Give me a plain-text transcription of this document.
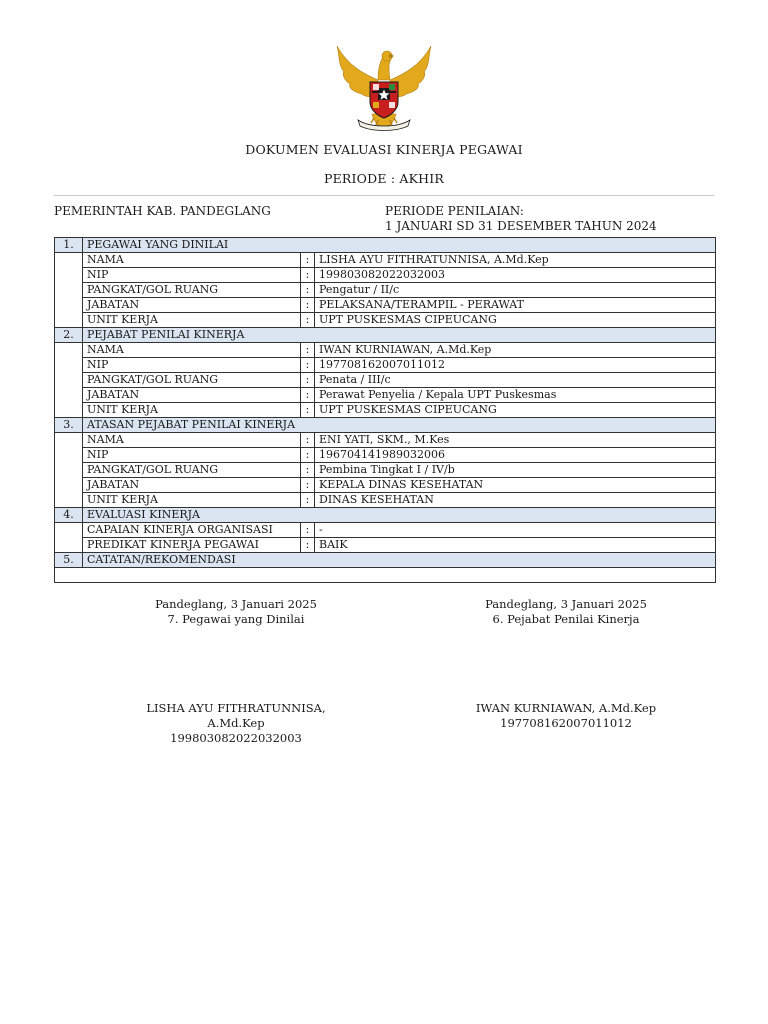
DOKUMEN EVALUASI KINERJA PEGAWAI
PERIODE : AKHIR
PEMERINTAH KAB. PANDEGLANG	PERIODE PENILAIAN:
1 JANUARI SD 31 DESEMBER TAHUN 2024
1.	PEGAWAI YANG DINILAI		
	NAMA	:	LISHA AYU FITHRATUNNISA, A.Md.Kep
	NIP	:	199803082022032003
	PANGKAT/GOL RUANG	:	Pengatur / II/c
	JABATAN	:	PELAKSANA/TERAMPIL - PERAWAT
	UNIT KERJA	:	UPT PUSKESMAS CIPEUCANG
2.	PEJABAT PENILAI KINERJA		
	NAMA	:	IWAN KURNIAWAN, A.Md.Kep
	NIP	:	197708162007011012
	PANGKAT/GOL RUANG	:	Penata / III/c
	JABATAN	:	Perawat Penyelia / Kepala UPT Puskesmas
	UNIT KERJA	:	UPT PUSKESMAS CIPEUCANG
3.	ATASAN PEJABAT PENILAI KINERJA		
	NAMA	:	ENI YATI, SKM., M.Kes
	NIP	:	196704141989032006
	PANGKAT/GOL RUANG	:	Pembina Tingkat I / IV/b
	JABATAN	:	KEPALA DINAS KESEHATAN
	UNIT KERJA	:	DINAS KESEHATAN
4.	EVALUASI KINERJA		
	CAPAIAN KINERJA ORGANISASI	:	-
	PREDIKAT KINERJA PEGAWAI	:	BAIK
5.	CATATAN/REKOMENDASI		

Pandeglang, 3 Januari 2025
7. Pegawai yang Dinilai
Pandeglang, 3 Januari 2025
6. Pejabat Penilai Kinerja
LISHA AYU FITHRATUNNISA, A.Md.Kep
199803082022032003
IWAN KURNIAWAN, A.Md.Kep
197708162007011012
